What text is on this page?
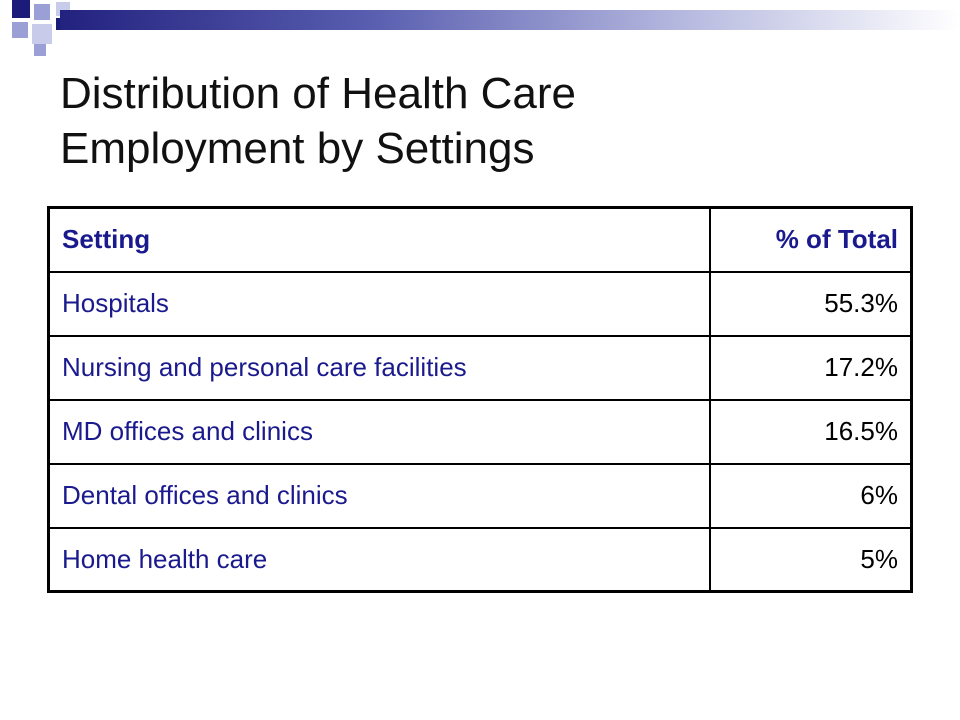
Distribution of Health Care
Employment by Settings
Setting	% of Total
Hospitals	55.3%
Nursing and personal care facilities	17.2%
MD offices and clinics	16.5%
Dental offices and clinics	6%
Home health care	5%
